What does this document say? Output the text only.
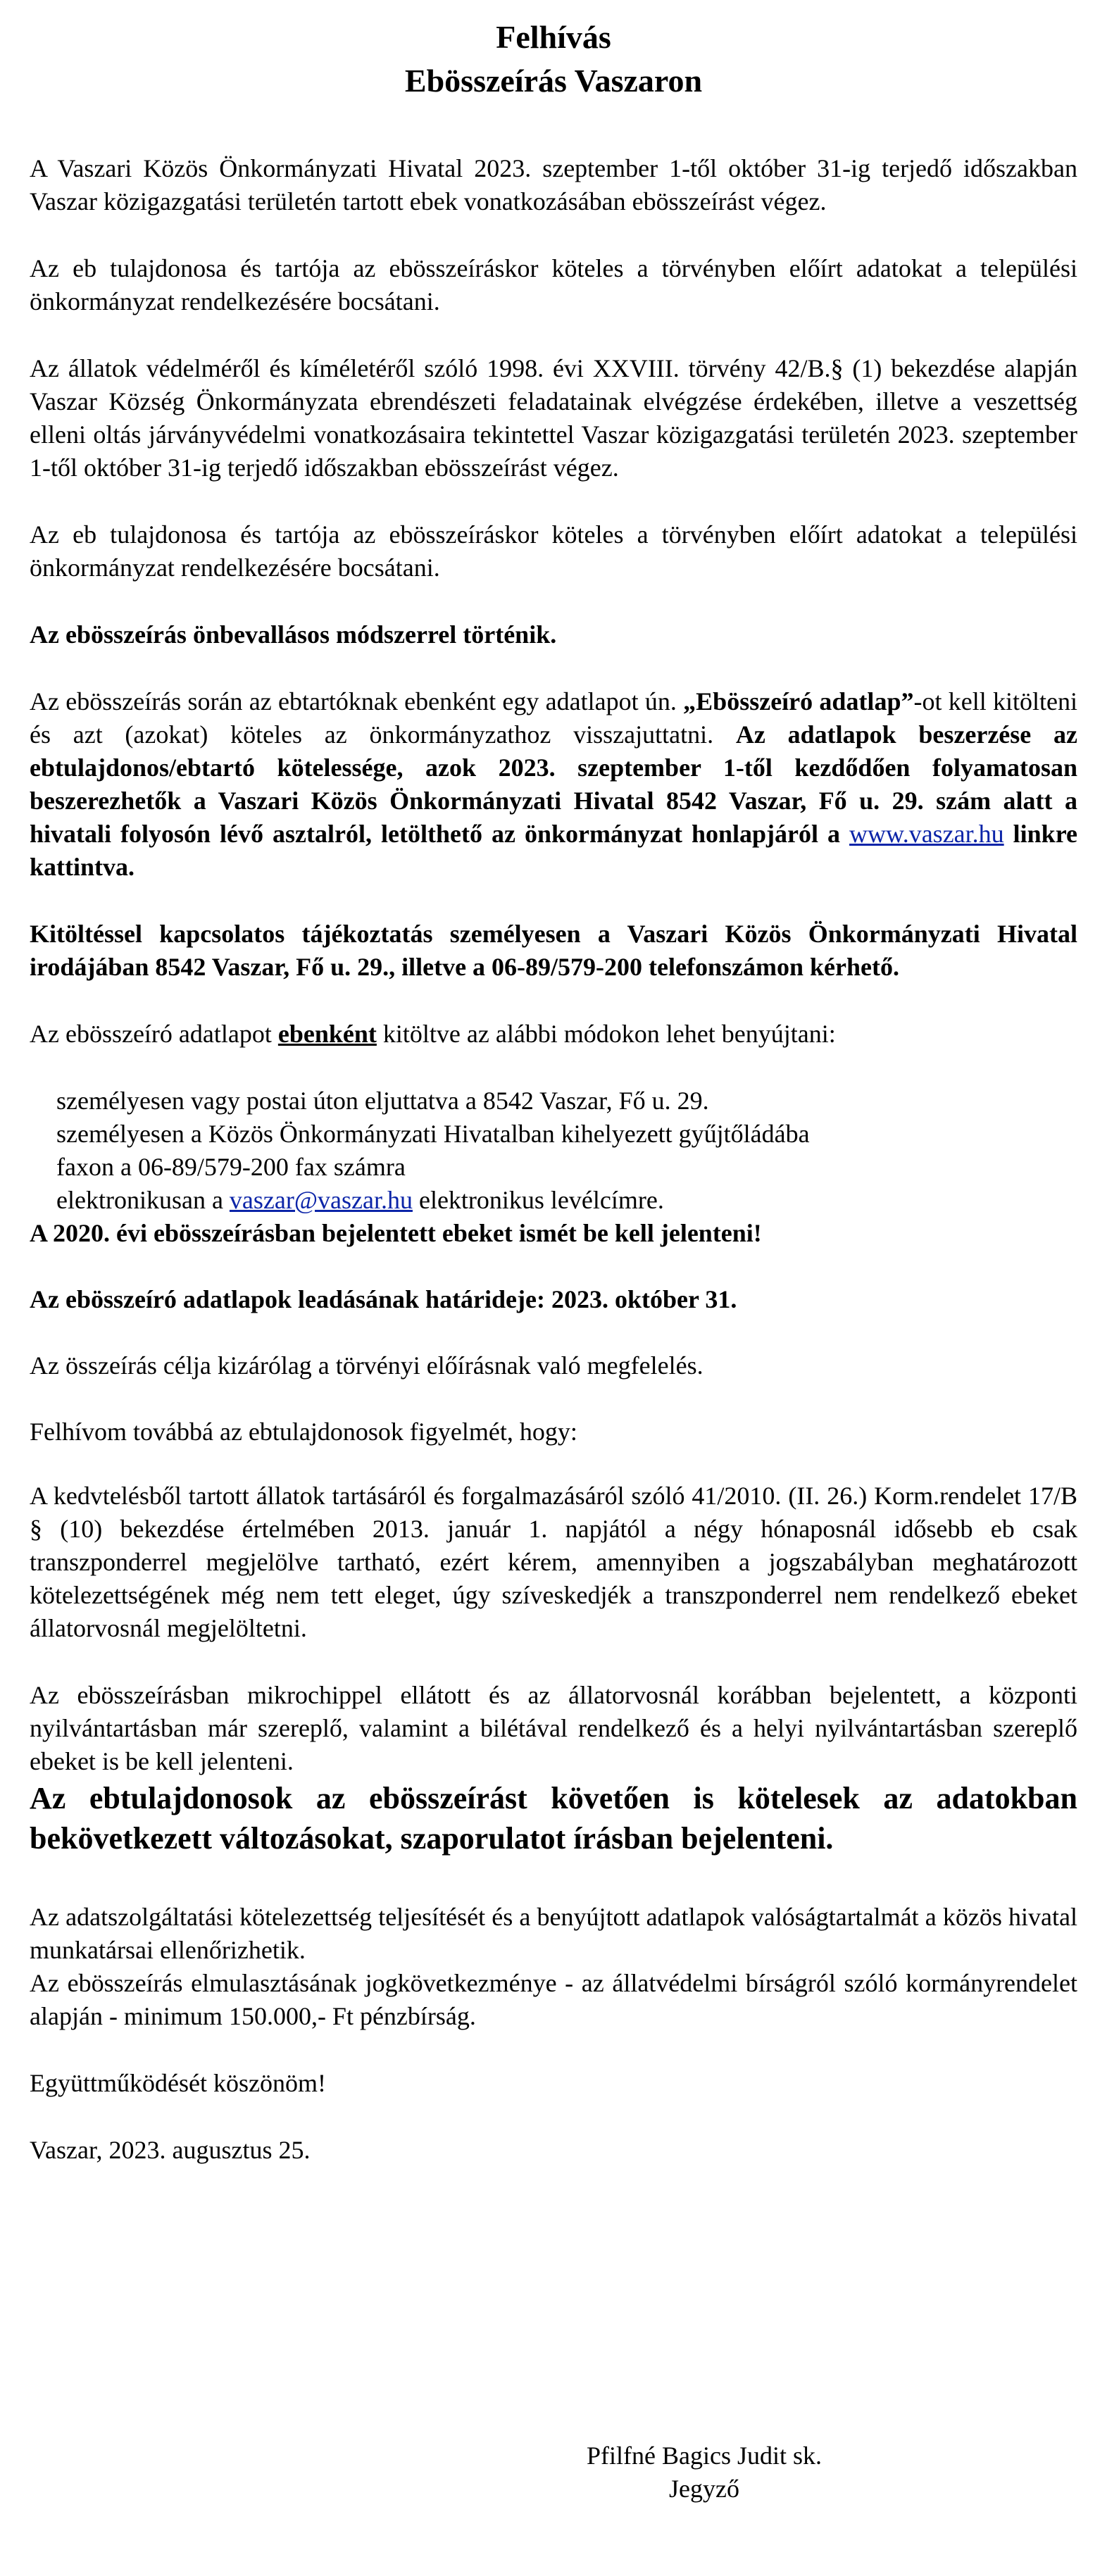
Felhívás
Ebösszeírás Vaszaron

A Vaszari Közös Önkormányzati Hivatal 2023. szeptember 1-től október 31-ig terjedő időszakban Vaszar közigazgatási területén tartott ebek vonatkozásában ebösszeírást végez.

Az eb tulajdonosa és tartója az ebösszeíráskor köteles a törvényben előírt adatokat a települési önkormányzat rendelkezésére bocsátani.

Az állatok védelméről és kíméletéről szóló 1998. évi XXVIII. törvény 42/B.§ (1) bekezdése alapján Vaszar Község Önkormányzata ebrendészeti feladatainak elvégzése érdekében, illetve a veszettség elleni oltás járványvédelmi vonatkozásaira tekintettel Vaszar közigazgatási területén 2023. szeptember 1-től október 31-ig terjedő időszakban ebösszeírást végez.

Az eb tulajdonosa és tartója az ebösszeíráskor köteles a törvényben előírt adatokat a települési önkormányzat rendelkezésére bocsátani.

Az ebösszeírás önbevallásos módszerrel történik.

Az ebösszeírás során az ebtartóknak ebenként egy adatlapot ún. „Ebösszeíró adatlap”-ot kell kitölteni és azt (azokat) köteles az önkormányzathoz visszajuttatni. Az adatlapok beszerzése az ebtulajdonos/ebtartó kötelessége, azok 2023. szeptember 1-től kezdődően folyamatosan beszerezhetők a Vaszari Közös Önkormányzati Hivatal 8542 Vaszar, Fő u. 29. szám alatt a hivatali folyosón lévő asztalról, letölthető az önkormányzat honlapjáról a www.vaszar.hu linkre kattintva.

Kitöltéssel kapcsolatos tájékoztatás személyesen a Vaszari Közös Önkormányzati Hivatal irodájában 8542 Vaszar, Fő u. 29., illetve a 06-89/579-200 telefonszámon kérhető.

Az ebösszeíró adatlapot ebenként kitöltve az alábbi módokon lehet benyújtani:

személyesen vagy postai úton eljuttatva a 8542 Vaszar, Fő u. 29.
személyesen a Közös Önkormányzati Hivatalban kihelyezett gyűjtőládába
faxon a 06-89/579-200 fax számra
elektronikusan a vaszar@vaszar.hu elektronikus levélcímre.

A 2020. évi ebösszeírásban bejelentett ebeket ismét be kell jelenteni!

Az ebösszeíró adatlapok leadásának határideje: 2023. október 31.

Az összeírás célja kizárólag a törvényi előírásnak való megfelelés.

Felhívom továbbá az ebtulajdonosok figyelmét, hogy:

A kedvtelésből tartott állatok tartásáról és forgalmazásáról szóló 41/2010. (II. 26.) Korm.rendelet 17/B § (10) bekezdése értelmében 2013. január 1. napjától a négy hónaposnál idősebb eb csak transzponderrel megjelölve tartható, ezért kérem, amennyiben a jogszabályban meghatározott kötelezettségének még nem tett eleget, úgy szíveskedjék a transzponderrel nem rendelkező ebeket állatorvosnál megjelöltetni.

Az ebösszeírásban mikrochippel ellátott és az állatorvosnál korábban bejelentett, a központi nyilvántartásban már szereplő, valamint a bilétával rendelkező és a helyi nyilvántartásban szereplő ebeket is be kell jelenteni.

Az ebtulajdonosok az ebösszeírást követően is kötelesek az adatokban bekövetkezett változásokat, szaporulatot írásban bejelenteni.

Az adatszolgáltatási kötelezettség teljesítését és a benyújtott adatlapok valóságtartalmát a közös hivatal munkatársai ellenőrizhetik.

Az ebösszeírás elmulasztásának jogkövetkezménye - az állatvédelmi bírságról szóló kormányrendelet alapján - minimum 150.000,- Ft pénzbírság.

Együttműködését köszönöm!

Vaszar, 2023. augusztus 25.

Pfilfné Bagics Judit sk.
Jegyző
